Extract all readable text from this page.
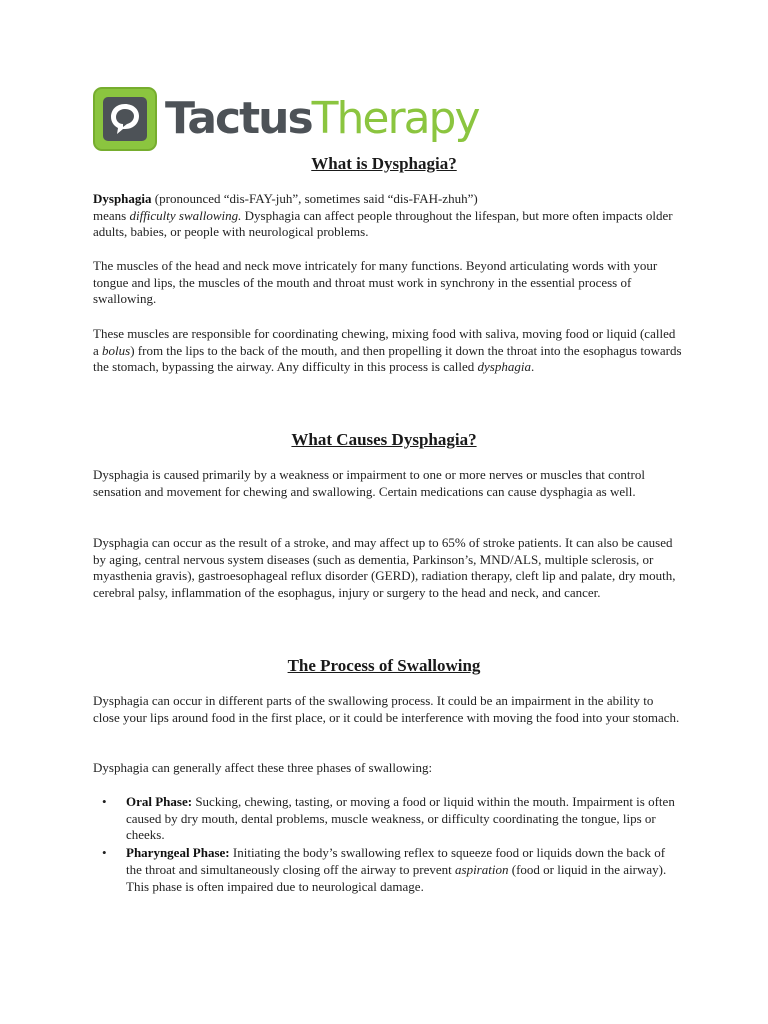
TactusTherapy
What is Dysphagia?

Dysphagia (pronounced “dis-FAY-juh”, sometimes said “dis-FAH-zhuh”)
means difficulty swallowing. Dysphagia can affect people throughout the lifespan, but more often impacts older adults, babies, or people with neurological problems.

The muscles of the head and neck move intricately for many functions. Beyond articulating words with your tongue and lips, the muscles of the mouth and throat must work in synchrony in the essential process of swallowing.

These muscles are responsible for coordinating chewing, mixing food with saliva, moving food or liquid (called a bolus) from the lips to the back of the mouth, and then propelling it down the throat into the esophagus towards the stomach, bypassing the airway. Any difficulty in this process is called dysphagia.

What Causes Dysphagia?

Dysphagia is caused primarily by a weakness or impairment to one or more nerves or muscles that control sensation and movement for chewing and swallowing. Certain medications can cause dysphagia as well.

Dysphagia can occur as the result of a stroke, and may affect up to 65% of stroke patients. It can also be caused by aging, central nervous system diseases (such as dementia, Parkinson’s, MND/ALS, multiple sclerosis, or myasthenia gravis), gastroesophageal reflux disorder (GERD), radiation therapy, cleft lip and palate, dry mouth, cerebral palsy, inflammation of the esophagus, injury or surgery to the head and neck, and cancer.

The Process of Swallowing

Dysphagia can occur in different parts of the swallowing process. It could be an impairment in the ability to close your lips around food in the first place, or it could be interference with moving the food into your stomach.

Dysphagia can generally affect these three phases of swallowing:

• Oral Phase: Sucking, chewing, tasting, or moving a food or liquid within the mouth. Impairment is often caused by dry mouth, dental problems, muscle weakness, or difficulty coordinating the tongue, lips or cheeks.
• Pharyngeal Phase: Initiating the body’s swallowing reflex to squeeze food or liquids down the back of the throat and simultaneously closing off the airway to prevent aspiration (food or liquid in the airway). This phase is often impaired due to neurological damage.
